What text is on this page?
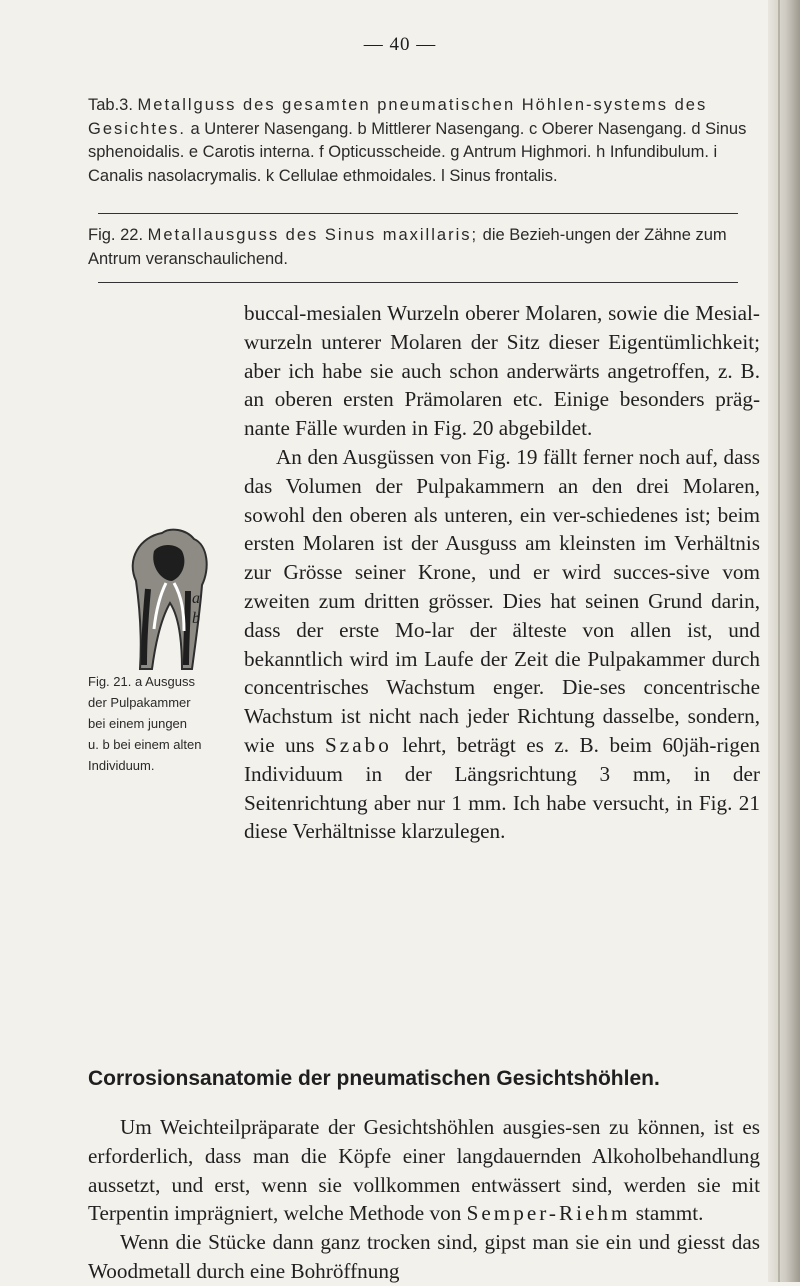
— 40 —
Tab.3. Metallguss des gesamten pneumatischen Höhlen-systems des Gesichtes. a Unterer Nasengang. b Mittlerer Nasengang. c Oberer Nasengang. d Sinus sphenoidalis. e Carotis interna. f Opticusscheide. g Antrum Highmori. h Infundibulum. i Canalis nasolacrymalis. k Cellulae ethmoidales. l Sinus frontalis.
Fig. 22. Metallausguss des Sinus maxillaris; die Bezieh-ungen der Zähne zum Antrum veranschaulichend.
a
b
Fig. 21. a Ausguss
der Pulpakammer
bei einem jungen
u. b bei einem alten
Individuum.

buccal-mesialen Wurzeln oberer Molaren, sowie die Mesial-wurzeln unterer Molaren der Sitz dieser Eigentümlichkeit; aber ich habe sie auch schon anderwärts angetroffen, z. B. an oberen ersten Prämolaren etc. Einige besonders präg-nante Fälle wurden in Fig. 20 abgebildet.

An den Ausgüssen von Fig. 19 fällt ferner noch auf, dass das Volumen der Pulpakammern an den drei Molaren, sowohl den oberen als unteren, ein ver-schiedenes ist; beim ersten Molaren ist der Ausguss am kleinsten im Verhältnis zur Grösse seiner Krone, und er wird succes-sive vom zweiten zum dritten grösser. Dies hat seinen Grund darin, dass der erste Mo-lar der älteste von allen ist, und bekanntlich wird im Laufe der Zeit die Pulpakammer durch concentrisches Wachstum enger. Die-ses concentrische Wachstum ist nicht nach jeder Richtung dasselbe, sondern, wie uns Szabo lehrt, beträgt es z. B. beim 60jäh-rigen Individuum in der Längsrichtung 3 mm, in der Seitenrichtung aber nur 1 mm. Ich habe versucht, in Fig. 21 diese Verhältnisse klarzulegen.

Corrosionsanatomie der pneumatischen Gesichtshöhlen.

Um Weichteilpräparate der Gesichtshöhlen ausgies-sen zu können, ist es erforderlich, dass man die Köpfe einer langdauernden Alkoholbehandlung aussetzt, und erst, wenn sie vollkommen entwässert sind, werden sie mit Terpentin imprägniert, welche Methode von Semper-Riehm stammt.

Wenn die Stücke dann ganz trocken sind, gipst man sie ein und giesst das Woodmetall durch eine Bohröffnung
